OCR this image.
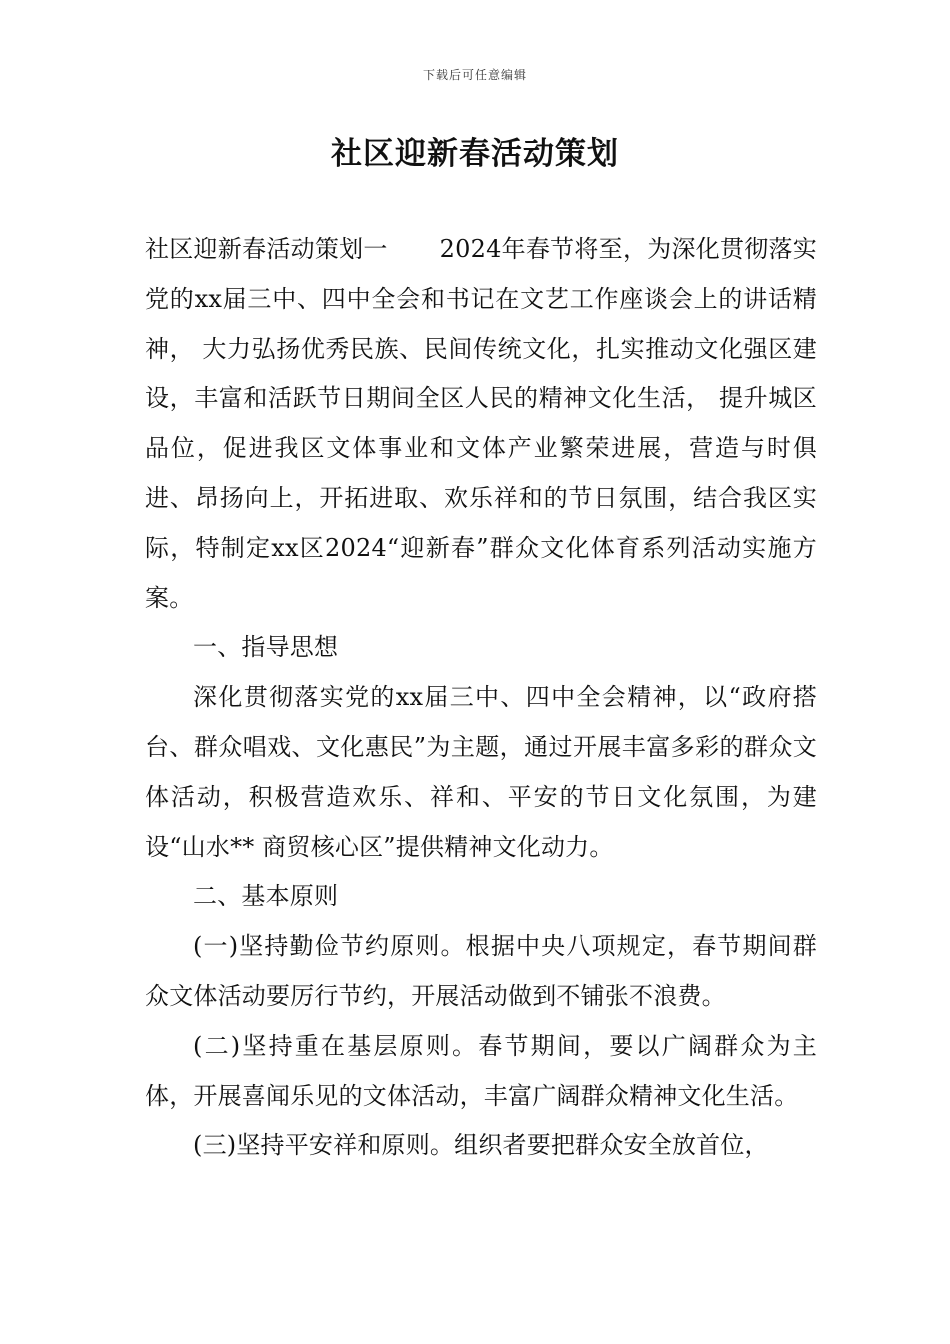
下载后可任意编辑
社区迎新春活动策划

社区迎新春活动策划一 2024年春节将至，为深化贯彻落实党的xx届三中、四中全会和书记在文艺工作座谈会上的讲话精神， 大力弘扬优秀民族、民间传统文化，扎实推动文化强区建设，丰富和活跃节日期间全区人民的精神文化生活， 提升城区品位，促进我区文体事业和文体产业繁荣进展，营造与时俱进、昂扬向上，开拓进取、欢乐祥和的节日氛围，结合我区实际，特制定xx区2024“迎新春”群众文化体育系列活动实施方案。

一、指导思想

深化贯彻落实党的xx届三中、四中全会精神，以“政府搭台、群众唱戏、文化惠民”为主题，通过开展丰富多彩的群众文体活动，积极营造欢乐、祥和、平安的节日文化氛围，为建设“山水** 商贸核心区”提供精神文化动力。

二、基本原则

(一)坚持勤俭节约原则。根据中央八项规定，春节期间群众文体活动要厉行节约，开展活动做到不铺张不浪费。

(二)坚持重在基层原则。春节期间，要以广阔群众为主体，开展喜闻乐见的文体活动，丰富广阔群众精神文化生活。

(三)坚持平安祥和原则。组织者要把群众安全放首位，
